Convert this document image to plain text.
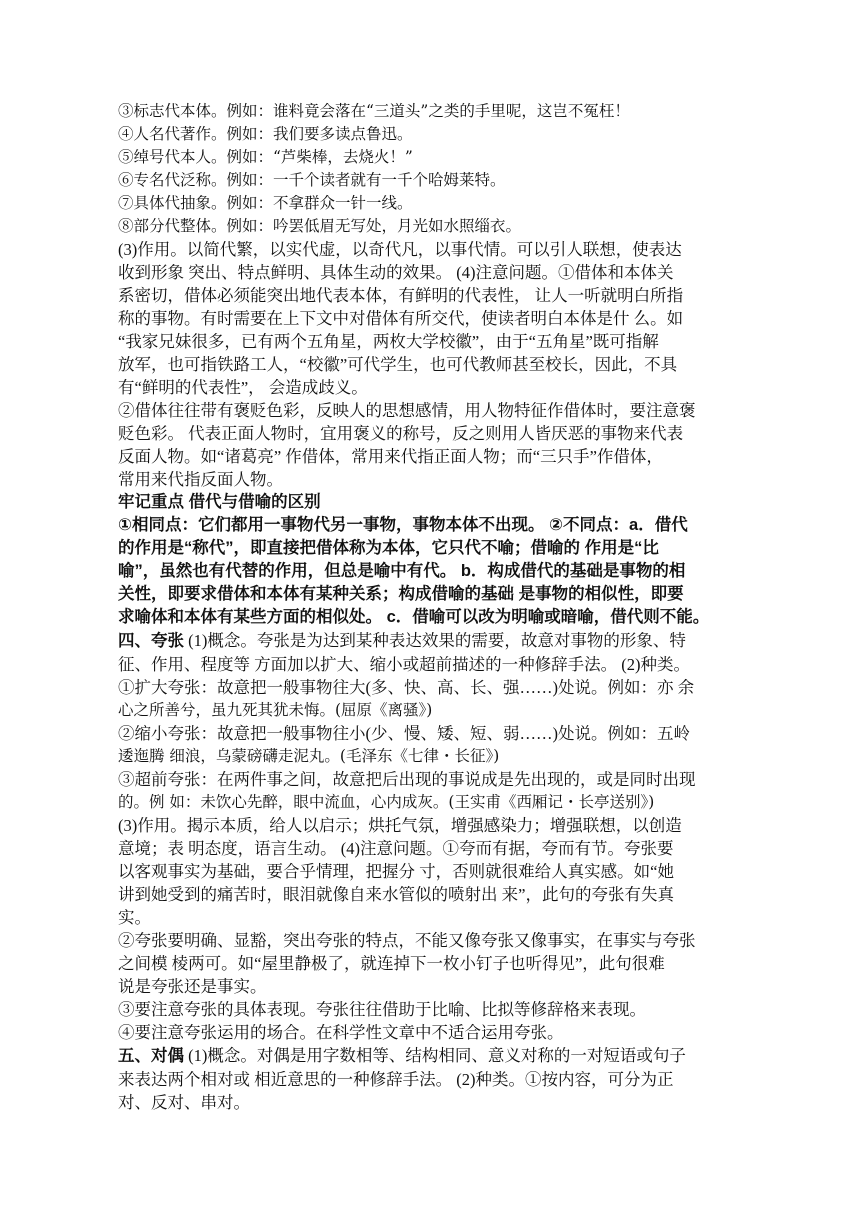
③标志代本体。例如：谁料竟会落在“三道头”之类的手里呢，这岂不冤枉！

④人名代著作。例如：我们要多读点鲁迅。

⑤绰号代本人。例如：“芦柴棒，去烧火！”

⑥专名代泛称。例如：一千个读者就有一千个哈姆莱特。

⑦具体代抽象。例如：不拿群众一针一线。

⑧部分代整体。例如：吟罢低眉无写处，月光如水照缁衣。

(3)作用。以简代繁，以实代虚，以奇代凡，以事代情。可以引人联想，使表达

收到形象 突出、特点鲜明、具体生动的效果。 (4)注意问题。①借体和本体关

系密切，借体必须能突出地代表本体，有鲜明的代表性， 让人一听就明白所指

称的事物。有时需要在上下文中对借体有所交代，使读者明白本体是什 么。如

“我家兄妹很多，已有两个五角星，两枚大学校徽”，由于“五角星”既可指解

放军，也可指铁路工人，“校徽”可代学生，也可代教师甚至校长，因此，不具

有“鲜明的代表性”， 会造成歧义。

②借体往往带有褒贬色彩，反映人的思想感情，用人物特征作借体时，要注意褒

贬色彩。 代表正面人物时，宜用褒义的称号，反之则用人皆厌恶的事物来代表

反面人物。如“诸葛亮” 作借体，常用来代指正面人物；而“三只手”作借体，

常用来代指反面人物。

牢记重点 借代与借喻的区别

①相同点：它们都用一事物代另一事物，事物本体不出现。 ②不同点：a．借代

的作用是“称代”，即直接把借体称为本体，它只代不喻；借喻的 作用是“比

喻”，虽然也有代替的作用，但总是喻中有代。 b．构成借代的基础是事物的相

关性，即要求借体和本体有某种关系；构成借喻的基础 是事物的相似性，即要

求喻体和本体有某些方面的相似处。 c．借喻可以改为明喻或暗喻，借代则不能。

四、夸张 (1)概念。夸张是为达到某种表达效果的需要，故意对事物的形象、特

征、作用、程度等 方面加以扩大、缩小或超前描述的一种修辞手法。 (2)种类。

①扩大夸张：故意把一般事物往大(多、快、高、长、强……)处说。例如：亦 余

心之所善兮，虽九死其犹未悔。(屈原《离骚》)

②缩小夸张：故意把一般事物往小(少、慢、矮、短、弱……)处说。例如：五岭

逶迤腾 细浪，乌蒙磅礴走泥丸。(毛泽东《七律・长征》)

③超前夸张：在两件事之间，故意把后出现的事说成是先出现的，或是同时出现

的。例 如：未饮心先醉，眼中流血，心内成灰。(王实甫《西厢记・长亭送别》)

(3)作用。揭示本质，给人以启示；烘托气氛，增强感染力；增强联想，以创造

意境；表 明态度，语言生动。 (4)注意问题。①夸而有据，夸而有节。夸张要

以客观事实为基础，要合乎情理，把握分 寸，否则就很难给人真实感。如“她

讲到她受到的痛苦时，眼泪就像自来水管似的喷射出 来”，此句的夸张有失真

实。

②夸张要明确、显豁，突出夸张的特点，不能又像夸张又像事实，在事实与夸张

之间模 棱两可。如“屋里静极了，就连掉下一枚小钉子也听得见”，此句很难

说是夸张还是事实。

③要注意夸张的具体表现。夸张往往借助于比喻、比拟等修辞格来表现。

④要注意夸张运用的场合。在科学性文章中不适合运用夸张。

五、对偶 (1)概念。对偶是用字数相等、结构相同、意义对称的一对短语或句子

来表达两个相对或 相近意思的一种修辞手法。 (2)种类。①按内容，可分为正

对、反对、串对。
